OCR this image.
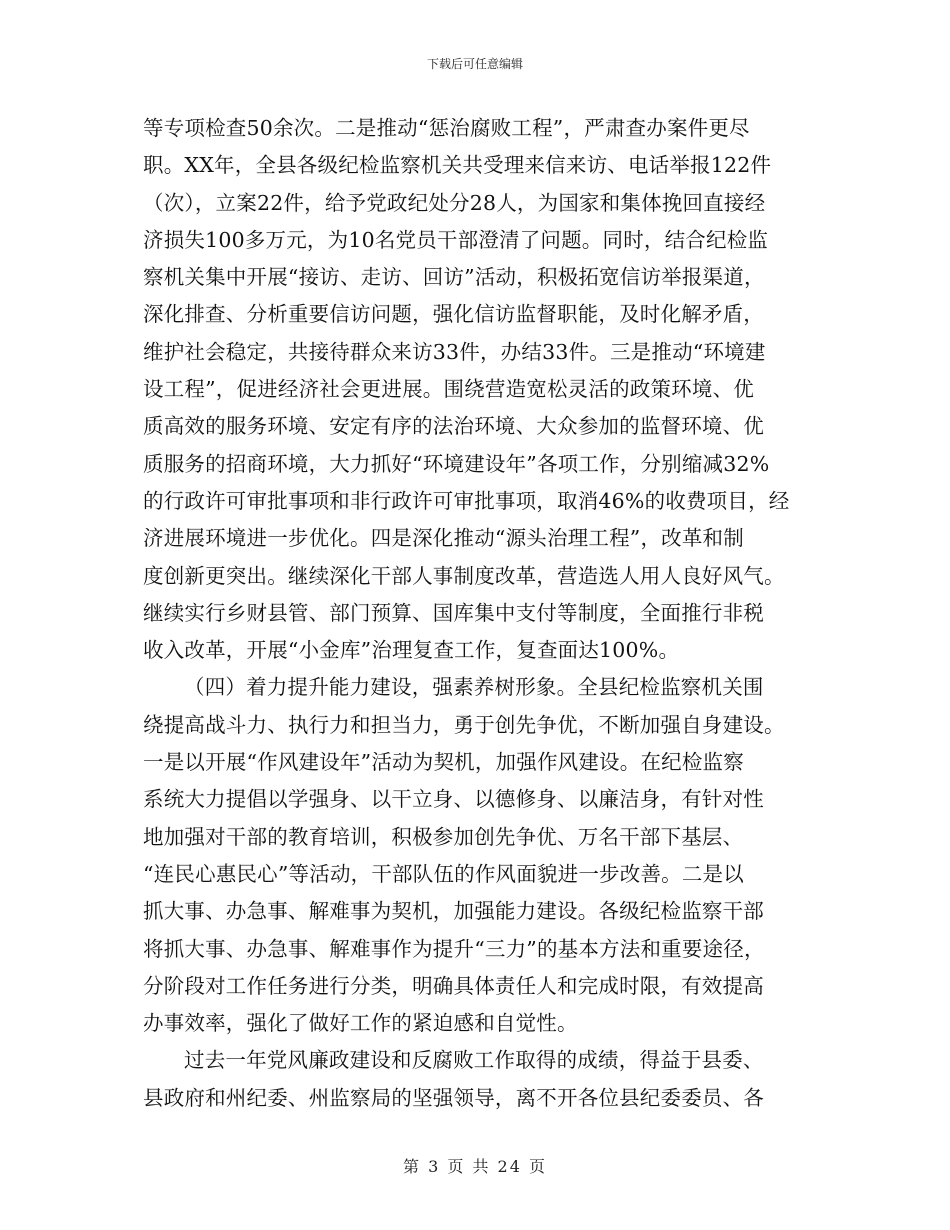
下载后可任意编辑
等专项检查50余次。二是推动“惩治腐败工程”，严肃查办案件更尽
职。XX年，全县各级纪检监察机关共受理来信来访、电话举报122件
（次），立案22件，给予党政纪处分28人，为国家和集体挽回直接经
济损失100多万元，为10名党员干部澄清了问题。同时，结合纪检监
察机关集中开展“接访、走访、回访”活动，积极拓宽信访举报渠道，
深化排查、分析重要信访问题，强化信访监督职能，及时化解矛盾，
维护社会稳定，共接待群众来访33件，办结33件。三是推动“环境建
设工程”，促进经济社会更进展。围绕营造宽松灵活的政策环境、优
质高效的服务环境、安定有序的法治环境、大众参加的监督环境、优
质服务的招商环境，大力抓好“环境建设年”各项工作，分别缩减32%
的行政许可审批事项和非行政许可审批事项，取消46%的收费项目，经
济进展环境进一步优化。四是深化推动“源头治理工程”，改革和制
度创新更突出。继续深化干部人事制度改革，营造选人用人良好风气。
继续实行乡财县管、部门预算、国库集中支付等制度，全面推行非税
收入改革，开展“小金库”治理复查工作，复查面达100%。
（四）着力提升能力建设，强素养树形象。全县纪检监察机关围
绕提高战斗力、执行力和担当力，勇于创先争优，不断加强自身建设。
一是以开展“作风建设年”活动为契机，加强作风建设。在纪检监察
系统大力提倡以学强身、以干立身、以德修身、以廉洁身，有针对性
地加强对干部的教育培训，积极参加创先争优、万名干部下基层、
“连民心惠民心”等活动，干部队伍的作风面貌进一步改善。二是以
抓大事、办急事、解难事为契机，加强能力建设。各级纪检监察干部
将抓大事、办急事、解难事作为提升“三力”的基本方法和重要途径，
分阶段对工作任务进行分类，明确具体责任人和完成时限，有效提高
办事效率，强化了做好工作的紧迫感和自觉性。
过去一年党风廉政建设和反腐败工作取得的成绩，得益于县委、
县政府和州纪委、州监察局的坚强领导，离不开各位县纪委委员、各
第 3 页 共 24 页
